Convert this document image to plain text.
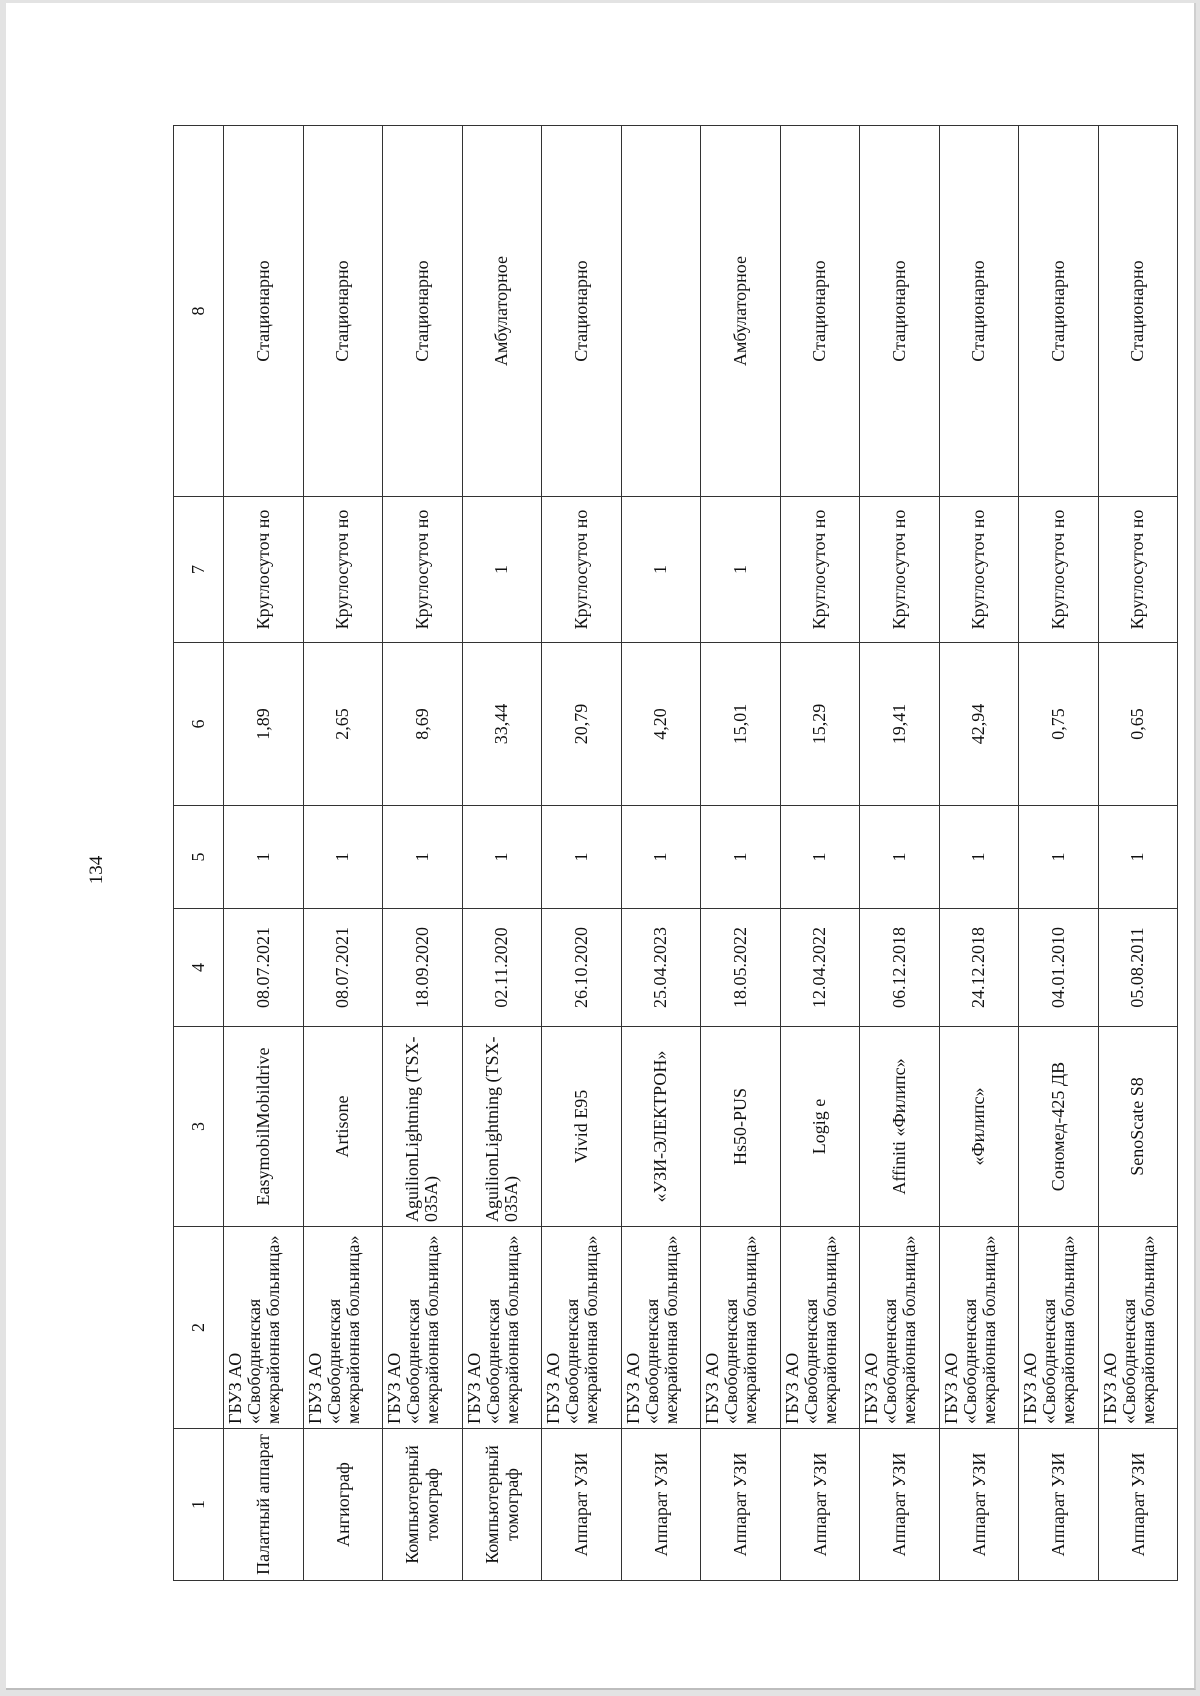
134
1	2	3	4	5	6	7	8
Палатный аппарат	ГБУЗ АО «Свободненская межрайонная больница»	EasymobilMobildrive	08.07.2021	1	1,89	Круглосуточ но	Стационарно
Ангиограф	ГБУЗ АО «Свободненская межрайонная больница»	Artisone	08.07.2021	1	2,65	Круглосуточ но	Стационарно
Компьютерный томограф	ГБУЗ АО «Свободненская межрайонная больница»	AguilionLightning (TSX-035A)	18.09.2020	1	8,69	Круглосуточ но	Стационарно
Компьютерный томограф	ГБУЗ АО «Свободненская межрайонная больница»	AguilionLightning (TSX-035A)	02.11.2020	1	33,44	1	Амбулаторное
Аппарат УЗИ	ГБУЗ АО «Свободненская межрайонная больница»	Vivid E95	26.10.2020	1	20,79	Круглосуточ но	Стационарно
Аппарат УЗИ	ГБУЗ АО «Свободненская межрайонная больница»	«УЗИ-ЭЛЕКТРОН»	25.04.2023	1	4,20	1	
Аппарат УЗИ	ГБУЗ АО «Свободненская межрайонная больница»	Hs50-PUS	18.05.2022	1	15,01	1	Амбулаторное
Аппарат УЗИ	ГБУЗ АО «Свободненская межрайонная больница»	Logig e	12.04.2022	1	15,29	Круглосуточ но	Стационарно
Аппарат УЗИ	ГБУЗ АО «Свободненская межрайонная больница»	Affiniti «Филипс»	06.12.2018	1	19,41	Круглосуточ но	Стационарно
Аппарат УЗИ	ГБУЗ АО «Свободненская межрайонная больница»	«Филипс»	24.12.2018	1	42,94	Круглосуточ но	Стационарно
Аппарат УЗИ	ГБУЗ АО «Свободненская межрайонная больница»	Сономед-425 ДВ	04.01.2010	1	0,75	Круглосуточ но	Стационарно
Аппарат УЗИ	ГБУЗ АО «Свободненская межрайонная больница»	SenoScate S8	05.08.2011	1	0,65	Круглосуточ но	Стационарно
